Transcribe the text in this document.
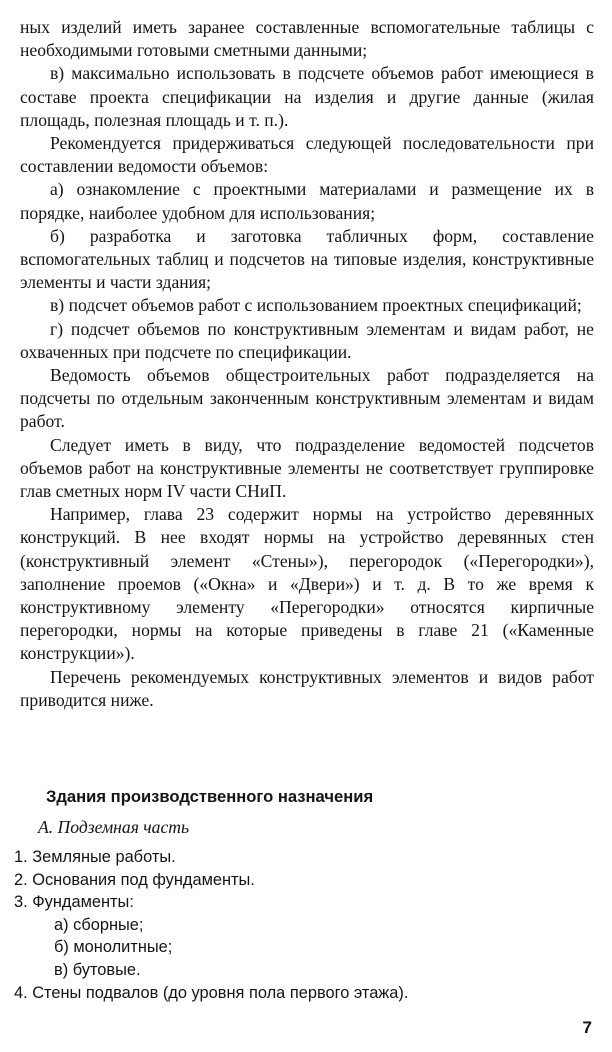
ных изделий иметь заранее составленные вспомогательные таблицы с необходимыми готовыми сметными данными;

в) максимально использовать в подсчете объемов работ имеющиеся в составе проекта спецификации на изделия и другие данные (жилая площадь, полезная площадь и т. п.).

Рекомендуется придерживаться следующей последовательности при составлении ведомости объемов:

а) ознакомление с проектными материалами и размещение их в порядке, наиболее удобном для использования;

б) разработка и заготовка табличных форм, составление вспомогательных таблиц и подсчетов на типовые изделия, конструктивные элементы и части здания;

в) подсчет объемов работ с использованием проектных спецификаций;

г) подсчет объемов по конструктивным элементам и видам работ, не охваченных при подсчете по спецификации.

Ведомость объемов общестроительных работ подразделяется на подсчеты по отдельным законченным конструктивным элементам и видам работ.

Следует иметь в виду, что подразделение ведомостей подсчетов объемов работ на конструктивные элементы не соответствует группировке глав сметных норм IV части СНиП.

Например, глава 23 содержит нормы на устройство деревянных конструкций. В нее входят нормы на устройство деревянных стен (конструктивный элемент «Стены»), перегородок («Перегородки»), заполнение проемов («Окна» и «Двери») и т. д. В то же время к конструктивному элементу «Перегородки» относятся кирпичные перегородки, нормы на которые приведены в главе 21 («Каменные конструкции»).

Перечень рекомендуемых конструктивных элементов и видов работ приводится ниже.

Здания производственного назначения
А. Подземная часть
1. Земляные работы.
2. Основания под фундаменты.
3. Фундаменты:
а) сборные;
б) монолитные;
в) бутовые.
4. Стены подвалов (до уровня пола первого этажа).
7
